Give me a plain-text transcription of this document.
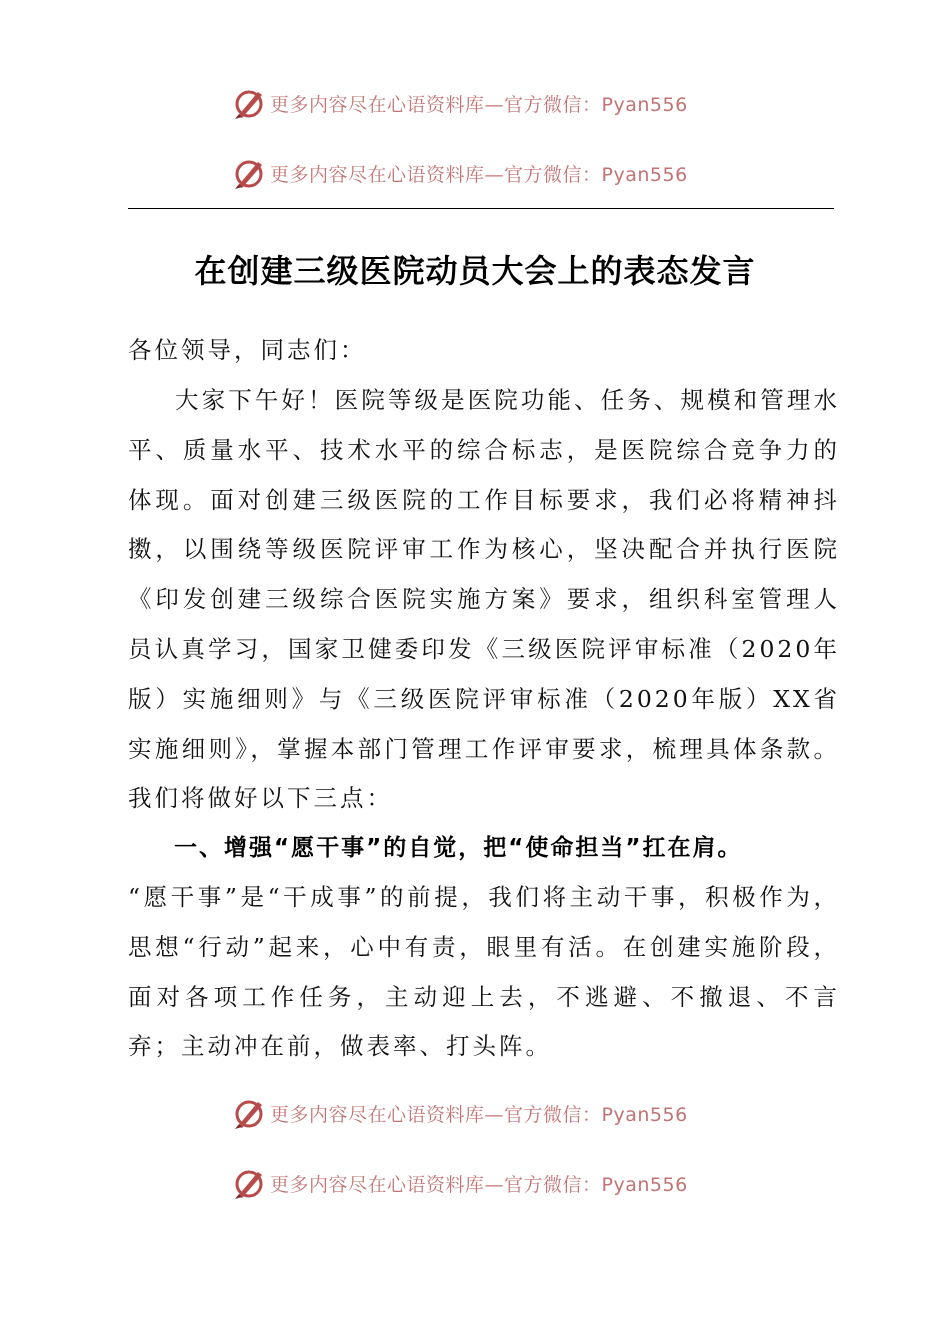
更多内容尽在心语资料库—官方微信：Pyan556
更多内容尽在心语资料库—官方微信：Pyan556
在创建三级医院动员大会上的表态发言
各位领导，同志们：
大家下午好！医院等级是医院功能、任务、规模和管理水平、质量水平、技术水平的综合标志，是医院综合竞争力的体现。面对创建三级医院的工作目标要求，我们必将精神抖擞，以围绕等级医院评审工作为核心，坚决配合并执行医院《印发创建三级综合医院实施方案》要求，组织科室管理人员认真学习，国家卫健委印发《三级医院评审标准（2020年版）实施细则》与《三级医院评审标准（2020年版）XX省实施细则》，掌握本部门管理工作评审要求，梳理具体条款。我们将做好以下三点：
一、增强“愿干事”的自觉，把“使命担当”扛在肩。
“愿干事”是“干成事”的前提，我们将主动干事，积极作为，思想“行动”起来，心中有责，眼里有活。在创建实施阶段，面对各项工作任务，主动迎上去，不逃避、不撤退、不言弃；主动冲在前，做表率、打头阵。
更多内容尽在心语资料库—官方微信：Pyan556
更多内容尽在心语资料库—官方微信：Pyan556
